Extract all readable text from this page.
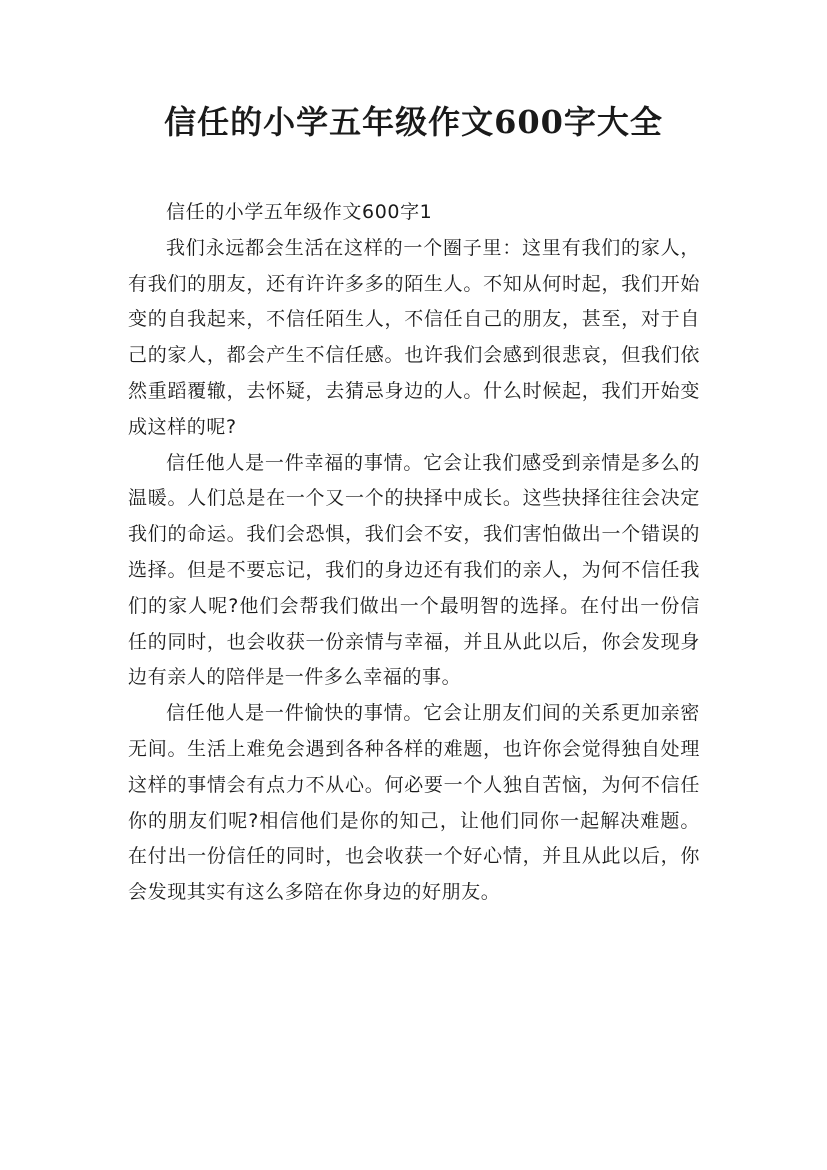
信任的小学五年级作文600字大全

信任的小学五年级作文600字1

我们永远都会生活在这样的一个圈子里：这里有我们的家人，有我们的朋友，还有许许多多的陌生人。不知从何时起，我们开始变的自我起来，不信任陌生人，不信任自己的朋友，甚至，对于自己的家人，都会产生不信任感。也许我们会感到很悲哀，但我们依然重蹈覆辙，去怀疑，去猜忌身边的人。什么时候起，我们开始变成这样的呢?

信任他人是一件幸福的事情。它会让我们感受到亲情是多么的温暖。人们总是在一个又一个的抉择中成长。这些抉择往往会决定我们的命运。我们会恐惧，我们会不安，我们害怕做出一个错误的选择。但是不要忘记，我们的身边还有我们的亲人，为何不信任我们的家人呢?他们会帮我们做出一个最明智的选择。在付出一份信任的同时，也会收获一份亲情与幸福，并且从此以后，你会发现身边有亲人的陪伴是一件多么幸福的事。

信任他人是一件愉快的事情。它会让朋友们间的关系更加亲密无间。生活上难免会遇到各种各样的难题，也许你会觉得独自处理这样的事情会有点力不从心。何必要一个人独自苦恼，为何不信任你的朋友们呢?相信他们是你的知己，让他们同你一起解决难题。在付出一份信任的同时，也会收获一个好心情，并且从此以后，你会发现其实有这么多陪在你身边的好朋友。
